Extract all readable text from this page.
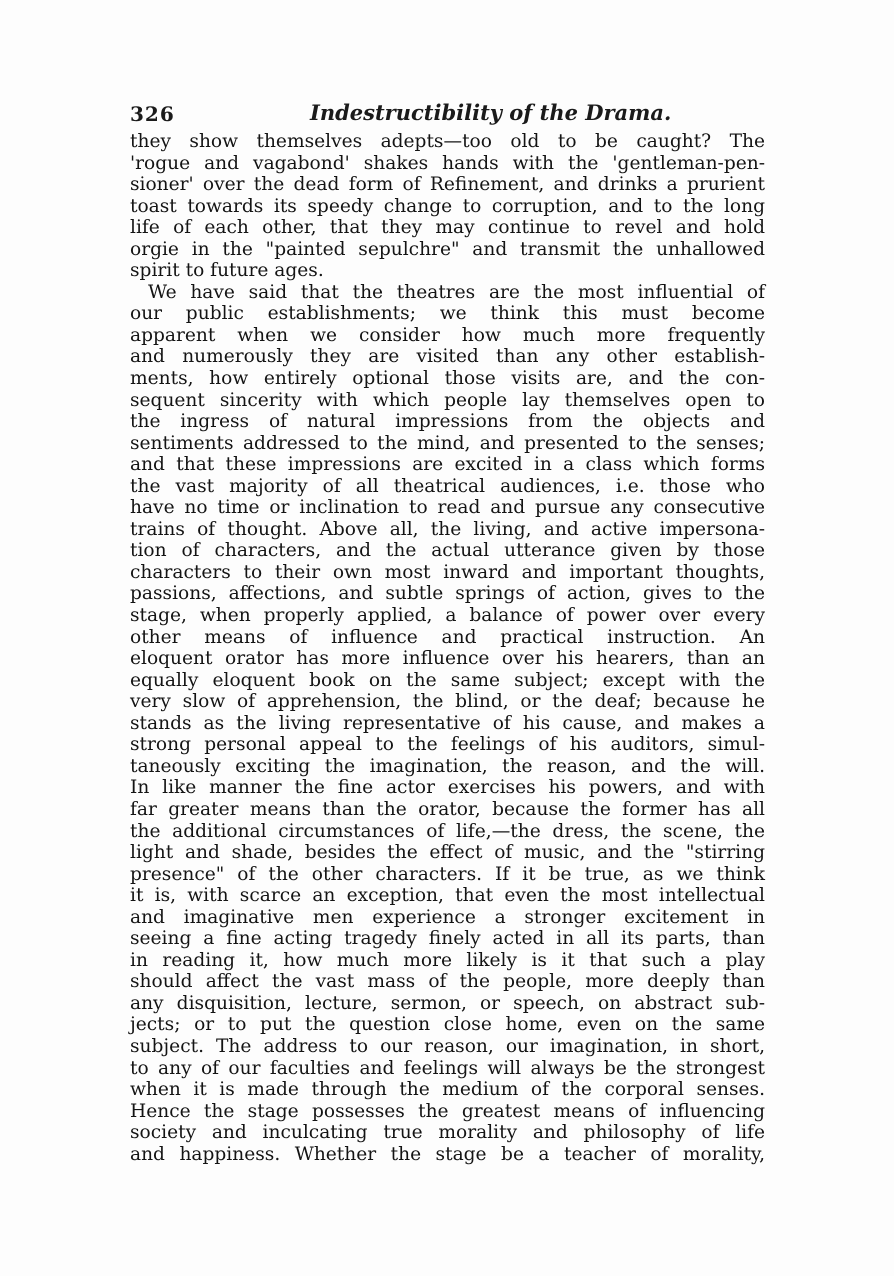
326	Indestructibility of the Drama.
they show themselves adepts—too old to be caught? The
'rogue and vagabond' shakes hands with the 'gentleman-pen-
sioner' over the dead form of Refinement, and drinks a prurient
toast towards its speedy change to corruption, and to the long
life of each other, that they may continue to revel and hold
orgie in the "painted sepulchre" and transmit the unhallowed
spirit to future ages.
We have said that the theatres are the most influential of
our public establishments; we think this must become
apparent when we consider how much more frequently
and numerously they are visited than any other establish-
ments, how entirely optional those visits are, and the con-
sequent sincerity with which people lay themselves open to
the ingress of natural impressions from the objects and
sentiments addressed to the mind, and presented to the senses;
and that these impressions are excited in a class which forms
the vast majority of all theatrical audiences, i.e. those who
have no time or inclination to read and pursue any consecutive
trains of thought. Above all, the living, and active impersona-
tion of characters, and the actual utterance given by those
characters to their own most inward and important thoughts,
passions, affections, and subtle springs of action, gives to the
stage, when properly applied, a balance of power over every
other means of influence and practical instruction. An
eloquent orator has more influence over his hearers, than an
equally eloquent book on the same subject; except with the
very slow of apprehension, the blind, or the deaf; because he
stands as the living representative of his cause, and makes a
strong personal appeal to the feelings of his auditors, simul-
taneously exciting the imagination, the reason, and the will.
In like manner the fine actor exercises his powers, and with
far greater means than the orator, because the former has all
the additional circumstances of life,—the dress, the scene, the
light and shade, besides the effect of music, and the "stirring
presence" of the other characters. If it be true, as we think
it is, with scarce an exception, that even the most intellectual
and imaginative men experience a stronger excitement in
seeing a fine acting tragedy finely acted in all its parts, than
in reading it, how much more likely is it that such a play
should affect the vast mass of the people, more deeply than
any disquisition, lecture, sermon, or speech, on abstract sub-
jects; or to put the question close home, even on the same
subject. The address to our reason, our imagination, in short,
to any of our faculties and feelings will always be the strongest
when it is made through the medium of the corporal senses.
Hence the stage possesses the greatest means of influencing
society and inculcating true morality and philosophy of life
and happiness. Whether the stage be a teacher of morality,
